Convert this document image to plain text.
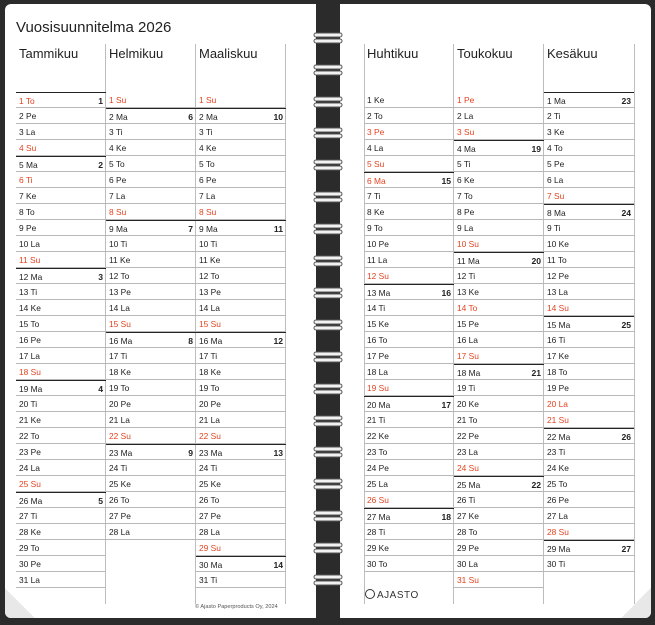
Vuosisuunnitelma 2026
Tammikuu
1 To	1
2 Pe
3 La
4 Su
5 Ma	2
6 Ti
7 Ke
8 To
9 Pe
10 La
11 Su
12 Ma	3
13 Ti
14 Ke
15 To
16 Pe
17 La
18 Su
19 Ma	4
20 Ti
21 Ke
22 To
23 Pe
24 La
25 Su
26 Ma	5
27 Ti
28 Ke
29 To
30 Pe
31 La
Helmikuu
1 Su
2 Ma	6
3 Ti
4 Ke
5 To
6 Pe
7 La
8 Su
9 Ma	7
10 Ti
11 Ke
12 To
13 Pe
14 La
15 Su
16 Ma	8
17 Ti
18 Ke
19 To
20 Pe
21 La
22 Su
23 Ma	9
24 Ti
25 Ke
26 To
27 Pe
28 La
Maaliskuu
1 Su
2 Ma	10
3 Ti
4 Ke
5 To
6 Pe
7 La
8 Su
9 Ma	11
10 Ti
11 Ke
12 To
13 Pe
14 La
15 Su
16 Ma	12
17 Ti
18 Ke
19 To
20 Pe
21 La
22 Su
23 Ma	13
24 Ti
25 Ke
26 To
27 Pe
28 La
29 Su
30 Ma	14
31 Ti
© Ajasto Paperproducts Oy, 2024
Huhtikuu
1 Ke
2 To
3 Pe
4 La
5 Su
6 Ma	15
7 Ti
8 Ke
9 To
10 Pe
11 La
12 Su
13 Ma	16
14 Ti
15 Ke
16 To
17 Pe
18 La
19 Su
20 Ma	17
21 Ti
22 Ke
23 To
24 Pe
25 La
26 Su
27 Ma	18
28 Ti
29 Ke
30 To
Toukokuu
1 Pe
2 La
3 Su
4 Ma	19
5 Ti
6 Ke
7 To
8 Pe
9 La
10 Su
11 Ma	20
12 Ti
13 Ke
14 To
15 Pe
16 La
17 Su
18 Ma	21
19 Ti
20 Ke
21 To
22 Pe
23 La
24 Su
25 Ma	22
26 Ti
27 Ke
28 To
29 Pe
30 La
31 Su
Kesäkuu
1 Ma	23
2 Ti
3 Ke
4 To
5 Pe
6 La
7 Su
8 Ma	24
9 Ti
10 Ke
11 To
12 Pe
13 La
14 Su
15 Ma	25
16 Ti
17 Ke
18 To
19 Pe
20 La
21 Su
22 Ma	26
23 Ti
24 Ke
25 To
26 Pe
27 La
28 Su
29 Ma	27
30 Ti
AJASTO
